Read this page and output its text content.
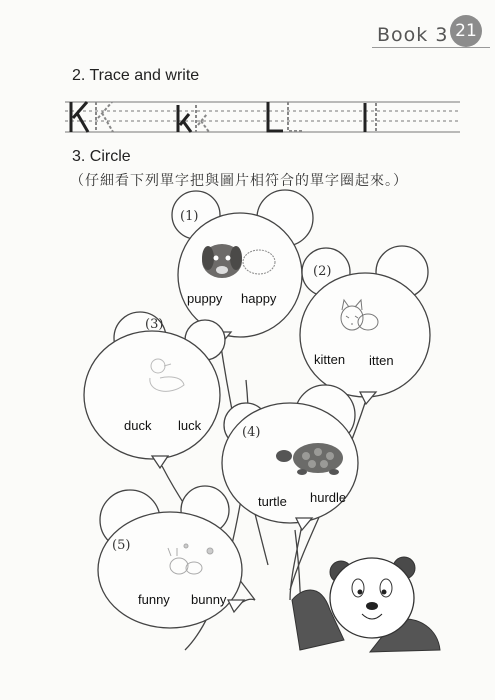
Book 3 21
2. Trace and write
3. Circle
（仔細看下列單字把與圖片相符合的單字圈起來。）
(1)
puppy happy
(2)
kitten itten
(3)
duck luck	(4)
turtle hurdle
(5)
funny bunny
